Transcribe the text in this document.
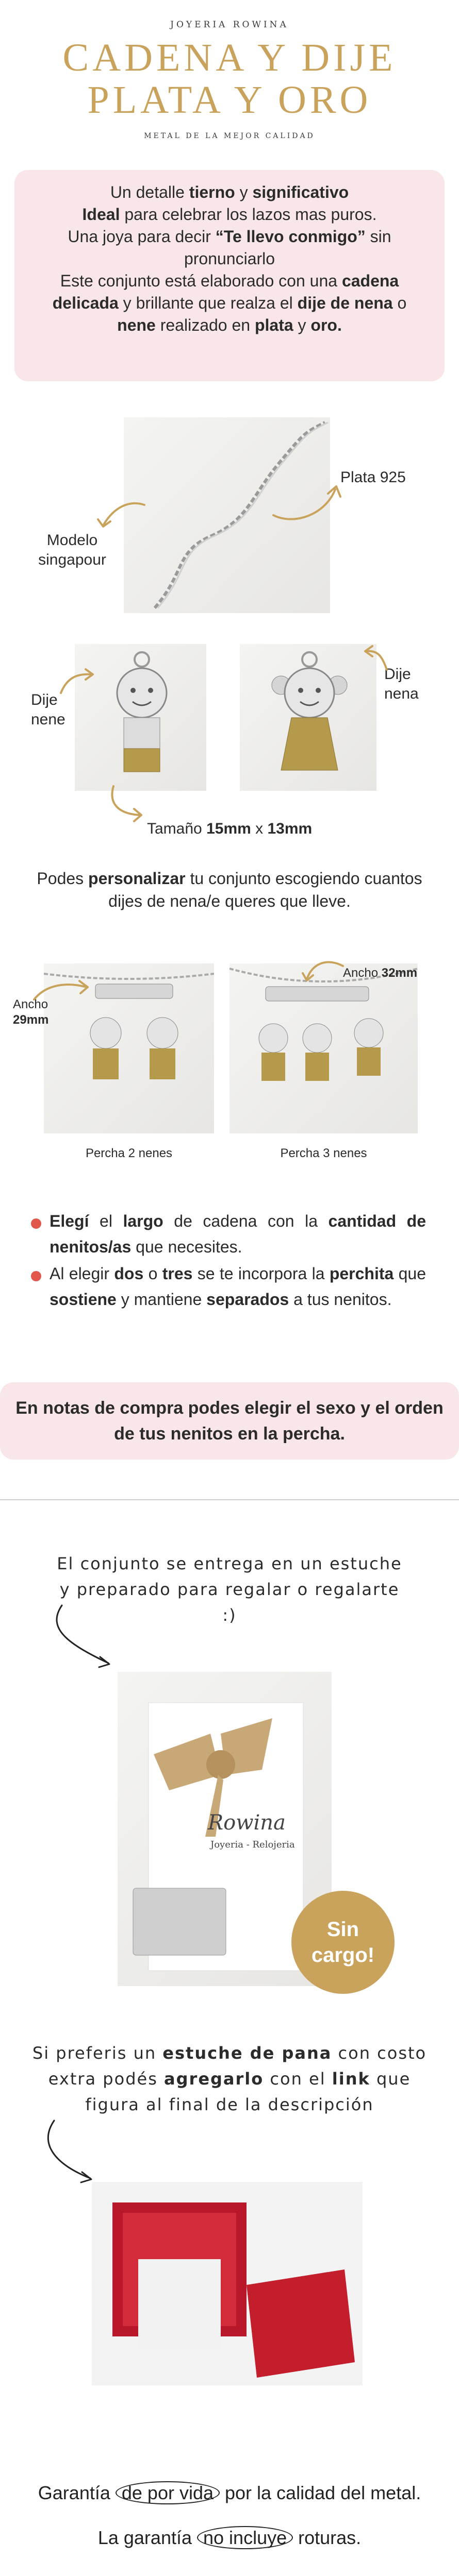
JOYERIA ROWINA
CADENA Y DIJE
PLATA Y ORO
METAL DE LA MEJOR CALIDAD
Un detalle tierno y significativo
Ideal para celebrar los lazos mas puros.
Una joya para decir “Te llevo conmigo” sin pronunciarlo
Este conjunto está elaborado con una cadena delicada y brillante que realza el dije de nena o nene realizado en plata y oro.
Modelo
singapour
Plata 925
Dije
nene
Dije
nena
Tamaño 15mm x 13mm
Podes personalizar tu conjunto escogiendo cuantos dijes de nena/e queres que lleve.
Ancho
29mm
Percha 2 nenes
Ancho 32mm
Percha 3 nenes
Elegí el largo de cadena con la cantidad de nenitos/as que necesites.
Al elegir dos o tres se te incorpora la perchita que sostiene y mantiene separados a tus nenitos.
En notas de compra podes elegir el sexo y el orden de tus nenitos en la percha.
El conjunto se entrega en un estuche y preparado para regalar o regalarte :)
Rowina
Joyeria - Relojeria
Sin
cargo!
Si preferis un estuche de pana con costo extra podés agregarlo con el link que figura al final de la descripción
Garantía de por vida por la calidad del metal.
La garantía no incluye roturas.
